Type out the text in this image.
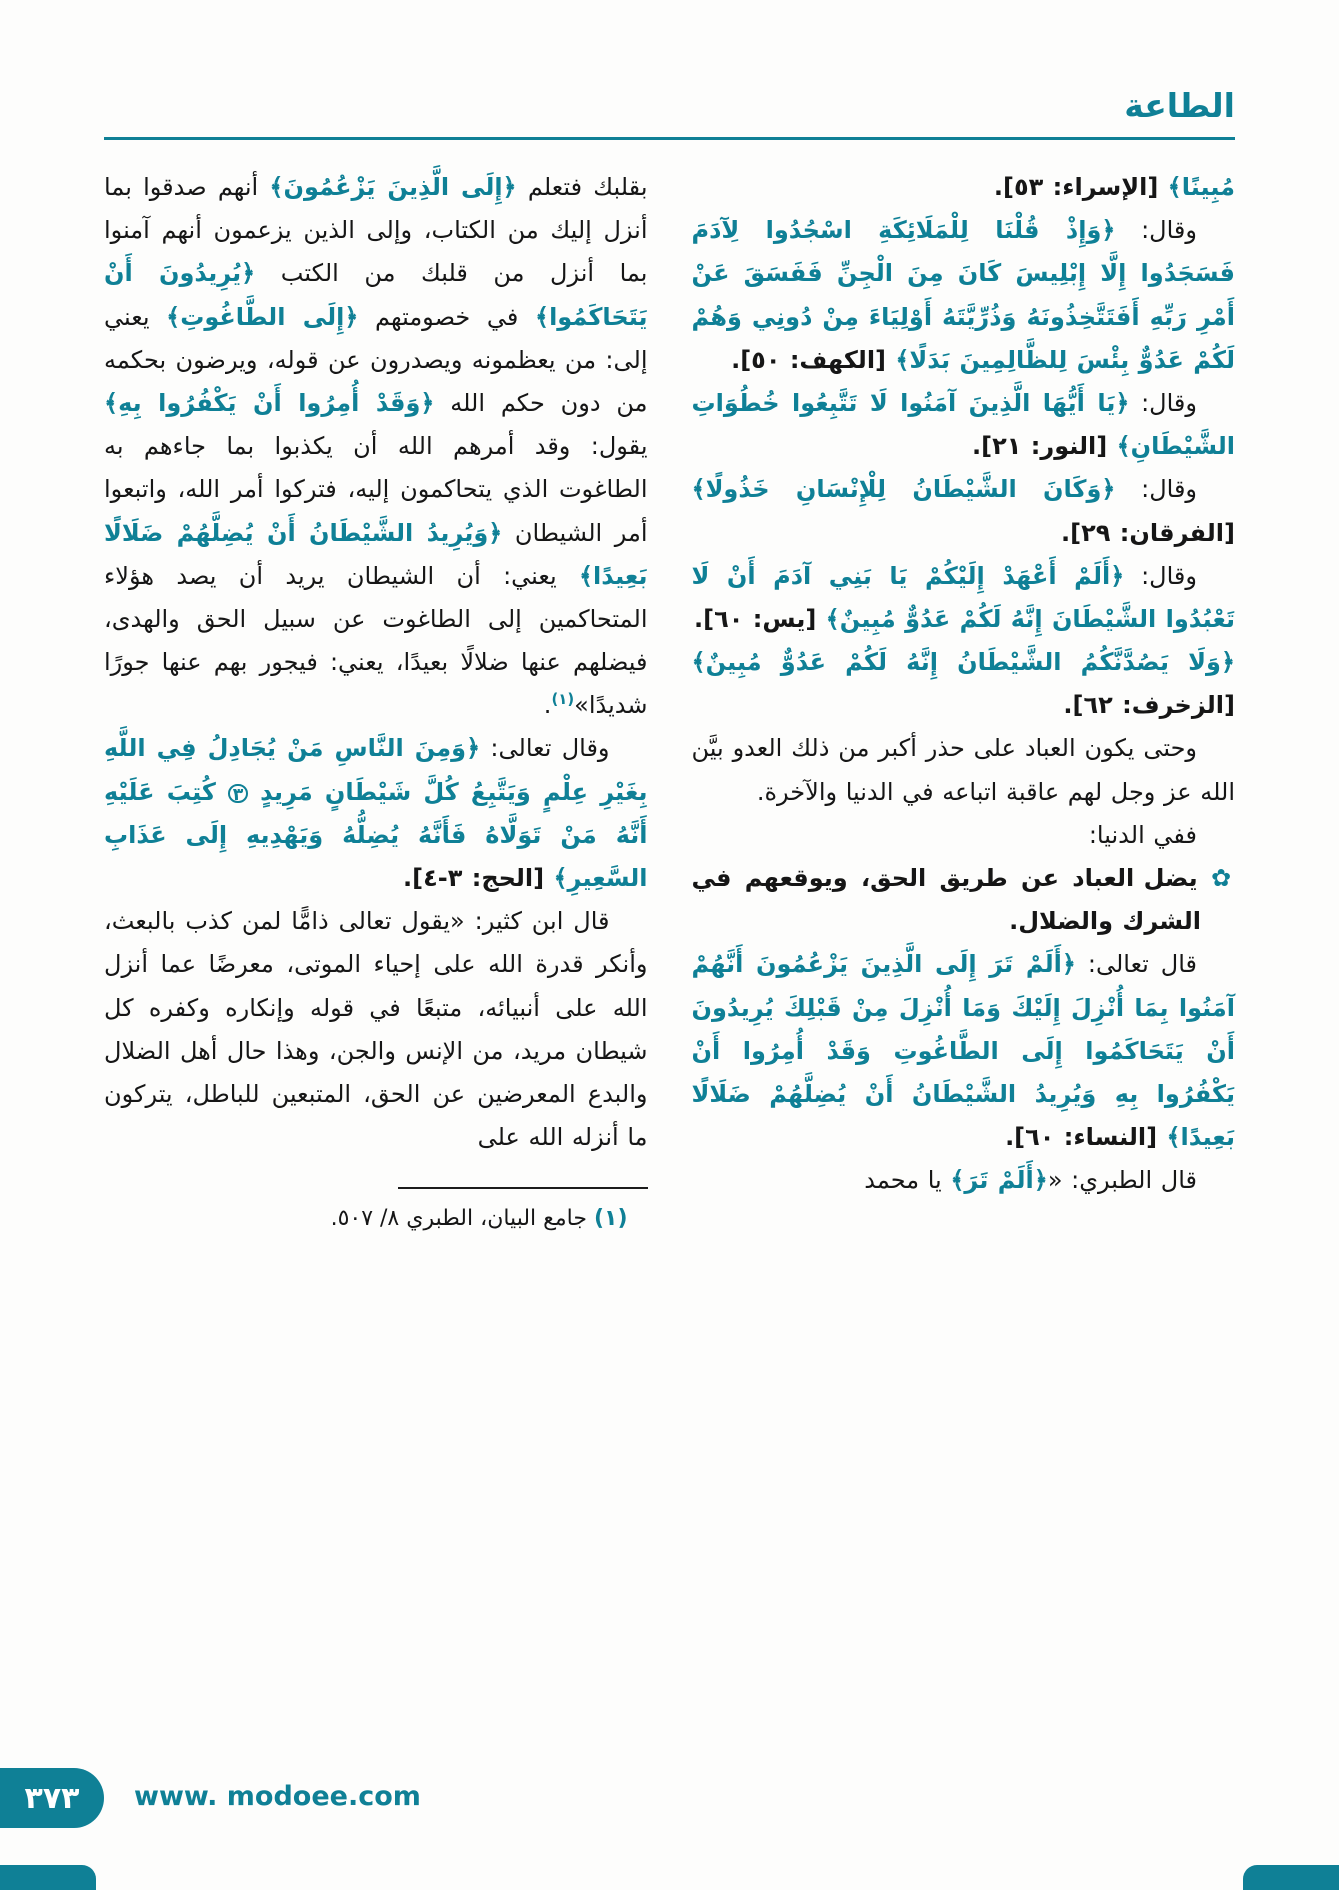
الطاعة

مُبِينًا﴾ [الإسراء: ٥٣].

وقال: ﴿وَإِذْ قُلْنَا لِلْمَلَائِكَةِ اسْجُدُوا لِآدَمَ فَسَجَدُوا إِلَّا إِبْلِيسَ كَانَ مِنَ الْجِنِّ فَفَسَقَ عَنْ أَمْرِ رَبِّهِ أَفَتَتَّخِذُونَهُ وَذُرِّيَّتَهُ أَوْلِيَاءَ مِنْ دُونِي وَهُمْ لَكُمْ عَدُوٌّ بِئْسَ لِلظَّالِمِينَ بَدَلًا﴾ [الكهف: ٥٠].

وقال: ﴿يَا أَيُّهَا الَّذِينَ آمَنُوا لَا تَتَّبِعُوا خُطُوَاتِ الشَّيْطَانِ﴾ [النور: ٢١].

وقال: ﴿وَكَانَ الشَّيْطَانُ لِلْإِنْسَانِ خَذُولًا﴾ [الفرقان: ٢٩].

وقال: ﴿أَلَمْ أَعْهَدْ إِلَيْكُمْ يَا بَنِي آدَمَ أَنْ لَا تَعْبُدُوا الشَّيْطَانَ إِنَّهُ لَكُمْ عَدُوٌّ مُبِينٌ﴾ [يس: ٦٠].

﴿وَلَا يَصُدَّنَّكُمُ الشَّيْطَانُ إِنَّهُ لَكُمْ عَدُوٌّ مُبِينٌ﴾ [الزخرف: ٦٢].

وحتى يكون العباد على حذر أكبر من ذلك العدو بيَّن الله عز وجل لهم عاقبة اتباعه في الدنيا والآخرة.

ففي الدنيا:

✿ يضل العباد عن طريق الحق، ويوقعهم في الشرك والضلال.

قال تعالى: ﴿أَلَمْ تَرَ إِلَى الَّذِينَ يَزْعُمُونَ أَنَّهُمْ آمَنُوا بِمَا أُنْزِلَ إِلَيْكَ وَمَا أُنْزِلَ مِنْ قَبْلِكَ يُرِيدُونَ أَنْ يَتَحَاكَمُوا إِلَى الطَّاغُوتِ وَقَدْ أُمِرُوا أَنْ يَكْفُرُوا بِهِ وَيُرِيدُ الشَّيْطَانُ أَنْ يُضِلَّهُمْ ضَلَالًا بَعِيدًا﴾ [النساء: ٦٠].

قال الطبري: «﴿أَلَمْ تَرَ﴾ يا محمد

بقلبك فتعلم ﴿إِلَى الَّذِينَ يَزْعُمُونَ﴾ أنهم صدقوا بما أنزل إليك من الكتاب، وإلى الذين يزعمون أنهم آمنوا بما أنزل من قلبك من الكتب ﴿يُرِيدُونَ أَنْ يَتَحَاكَمُوا﴾ في خصومتهم ﴿إِلَى الطَّاغُوتِ﴾ يعني إلى: من يعظمونه ويصدرون عن قوله، ويرضون بحكمه من دون حكم الله ﴿وَقَدْ أُمِرُوا أَنْ يَكْفُرُوا بِهِ﴾ يقول: وقد أمرهم الله أن يكذبوا بما جاءهم به الطاغوت الذي يتحاكمون إليه، فتركوا أمر الله، واتبعوا أمر الشيطان ﴿وَيُرِيدُ الشَّيْطَانُ أَنْ يُضِلَّهُمْ ضَلَالًا بَعِيدًا﴾ يعني: أن الشيطان يريد أن يصد هؤلاء المتحاكمين إلى الطاغوت عن سبيل الحق والهدى، فيضلهم عنها ضلالًا بعيدًا، يعني: فيجور بهم عنها جورًا شديدًا»$^{(١)}$.

وقال تعالى: ﴿وَمِنَ النَّاسِ مَنْ يُجَادِلُ فِي اللَّهِ بِغَيْرِ عِلْمٍ وَيَتَّبِعُ كُلَّ شَيْطَانٍ مَرِيدٍ ٣ كُتِبَ عَلَيْهِ أَنَّهُ مَنْ تَوَلَّاهُ فَأَنَّهُ يُضِلُّهُ وَيَهْدِيهِ إِلَى عَذَابِ السَّعِيرِ﴾ [الحج: ٣-٤].

قال ابن كثير: «يقول تعالى ذامًّا لمن كذب بالبعث، وأنكر قدرة الله على إحياء الموتى، معرضًا عما أنزل الله على أنبيائه، متبعًا في قوله وإنكاره وكفره كل شيطان مريد، من الإنس والجن، وهذا حال أهل الضلال والبدع المعرضين عن الحق، المتبعين للباطل، يتركون ما أنزله الله على

(١) جامع البيان، الطبري ٨/ ٥٠٧.
٣٧٣ www. modoee.com
